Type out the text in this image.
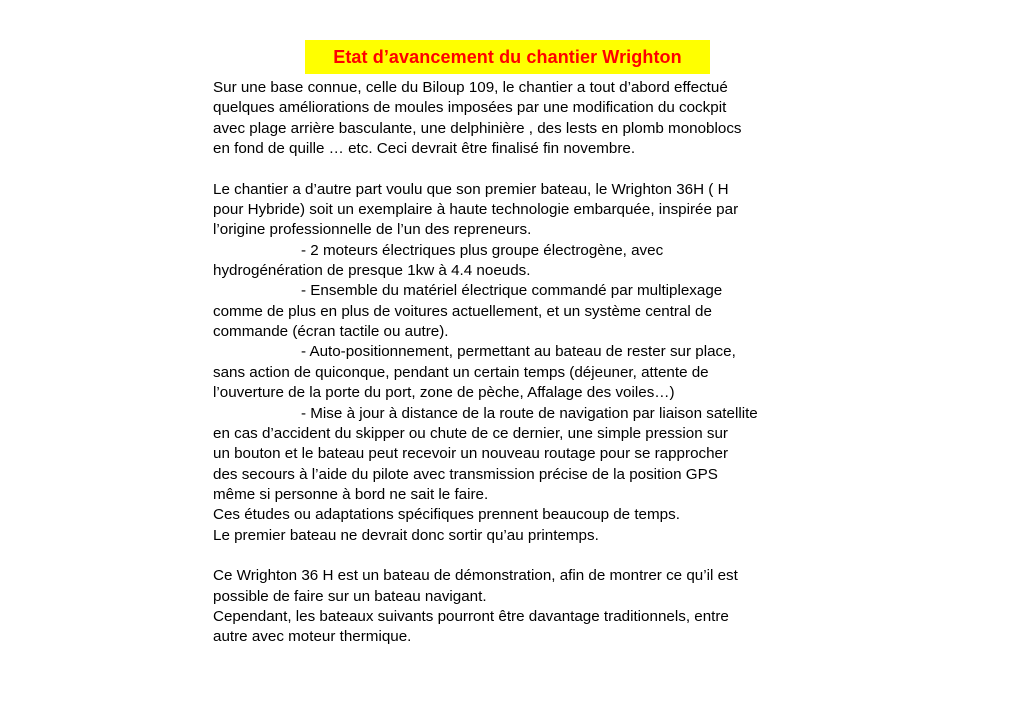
Etat d’avancement du chantier Wrighton
Sur une base connue, celle du Biloup 109, le chantier a tout d’abord effectué
quelques améliorations de moules imposées par une modification du cockpit
avec plage arrière basculante, une delphinière , des lests en plomb monoblocs
en fond de quille … etc. Ceci devrait être finalisé fin novembre.
Le chantier a d’autre part voulu que son premier bateau, le Wrighton 36H ( H
pour Hybride) soit un exemplaire à haute technologie embarquée, inspirée par
l’origine professionnelle de l’un des repreneurs.
- 2 moteurs électriques plus groupe électrogène, avec
hydrogénération de presque 1kw à 4.4 noeuds.
- Ensemble du matériel électrique commandé par multiplexage
comme de plus en plus de voitures actuellement, et un système central de
commande (écran tactile ou autre).
- Auto-positionnement, permettant au bateau de rester sur place,
sans action de quiconque, pendant un certain temps (déjeuner, attente de
l’ouverture de la porte du port, zone de pèche, Affalage des voiles…)
- Mise à jour à distance de la route de navigation par liaison satellite
en cas d’accident du skipper ou chute de ce dernier, une simple pression sur
un bouton et le bateau peut recevoir un nouveau routage pour se rapprocher
des secours à l’aide du pilote avec transmission précise de la position GPS
même si personne à bord ne sait le faire.
Ces études ou adaptations spécifiques prennent beaucoup de temps.
Le premier bateau ne devrait donc sortir qu’au printemps.
Ce Wrighton 36 H est un bateau de démonstration, afin de montrer ce qu’il est
possible de faire sur un bateau navigant.
Cependant, les bateaux suivants pourront être davantage traditionnels, entre
autre avec moteur thermique.
